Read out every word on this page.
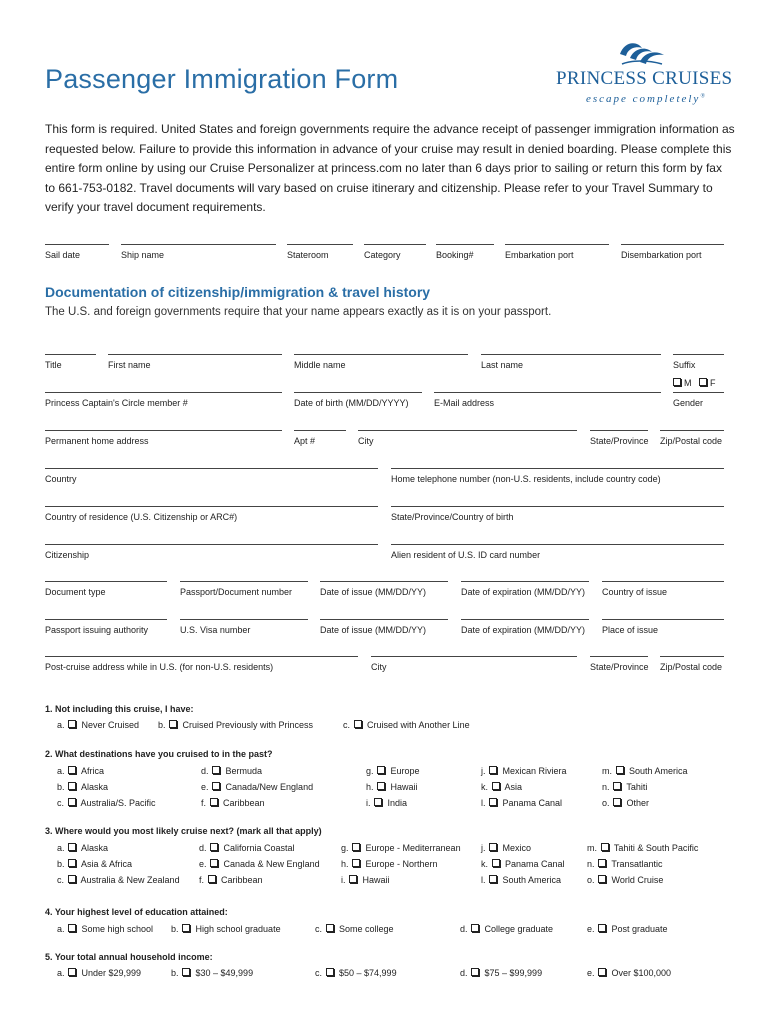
Passenger Immigration Form	PRINCESS CRUISES
escape completely®
This form is required. United States and foreign governments require the advance receipt of passenger immigration information as requested below. Failure to provide this information in advance of your cruise may result in denied boarding. Please complete this entire form online by using our Cruise Personalizer at princess.com no later than 6 days prior to sailing or return this form by fax to 661-753-0182. Travel documents will vary based on cruise itinerary and citizenship. Please refer to your Travel Summary to verify your travel document requirements.
Sail date	Ship name	Stateroom	Category	Booking#	Embarkation port	Disembarkation port
Documentation of citizenship/immigration & travel history
The U.S. and foreign governments require that your name appears exactly as it is on your passport.
Title	First name	Middle name	Last name	Suffix
M	F
Princess Captain's Circle member #	Date of birth (MM/DD/YYYY)	E-Mail address	Gender
Permanent home address	Apt #	City	State/Province Zip/Postal code
Country	Home telephone number (non-U.S. residents, include country code)
Country of residence (U.S. Citizenship or ARC#)	State/Province/Country of birth
Citizenship	Alien resident of U.S. ID card number
Document type	Passport/Document number	Date of issue (MM/DD/YY)	Date of expiration (MM/DD/YY) Country of issue
Passport issuing authority	U.S. Visa number	Date of issue (MM/DD/YY)	Date of expiration (MM/DD/YY) Place of issue
Post-cruise address while in U.S. (for non-U.S. residents)	City	State/Province Zip/Postal code
1. Not including this cruise, I have:
a.  Never Cruised b.  Cruised Previously with Princess	c.  Cruised with Another Line
2. What destinations have you cruised to in the past?
a.  Africa	d.  Bermuda	g.  Europe	j.  Mexican Riviera	m.  South America
b.  Alaska	e.  Canada/New England	h.  Hawaii	k.  Asia	n.  Tahiti
c.  Australia/S. Pacific	f.  Caribbean	i.  India	l.  Panama Canal	o.  Other
3. Where would you most likely cruise next? (mark all that apply)
a.  Alaska	d.  California Coastal	g.  Europe - Mediterranean j.  Mexico	m.  Tahiti & South Pacific
b.  Asia & Africa	e.  Canada & New England h.  Europe - Northern	k.  Panama Canal n.  Transatlantic
c.  Australia & New Zealand f.  Caribbean	i.  Hawaii	l.  South America	o.  World Cruise
4. Your highest level of education attained:
a.  Some high school b.  High school graduate	c.  Some college	d.  College graduate	e.  Post graduate
5. Your total annual household income:
a.  Under $29,999	b.  $30 – $49,999	c.  $50 – $74,999	d.  $75 – $99,999	e.  Over $100,000
